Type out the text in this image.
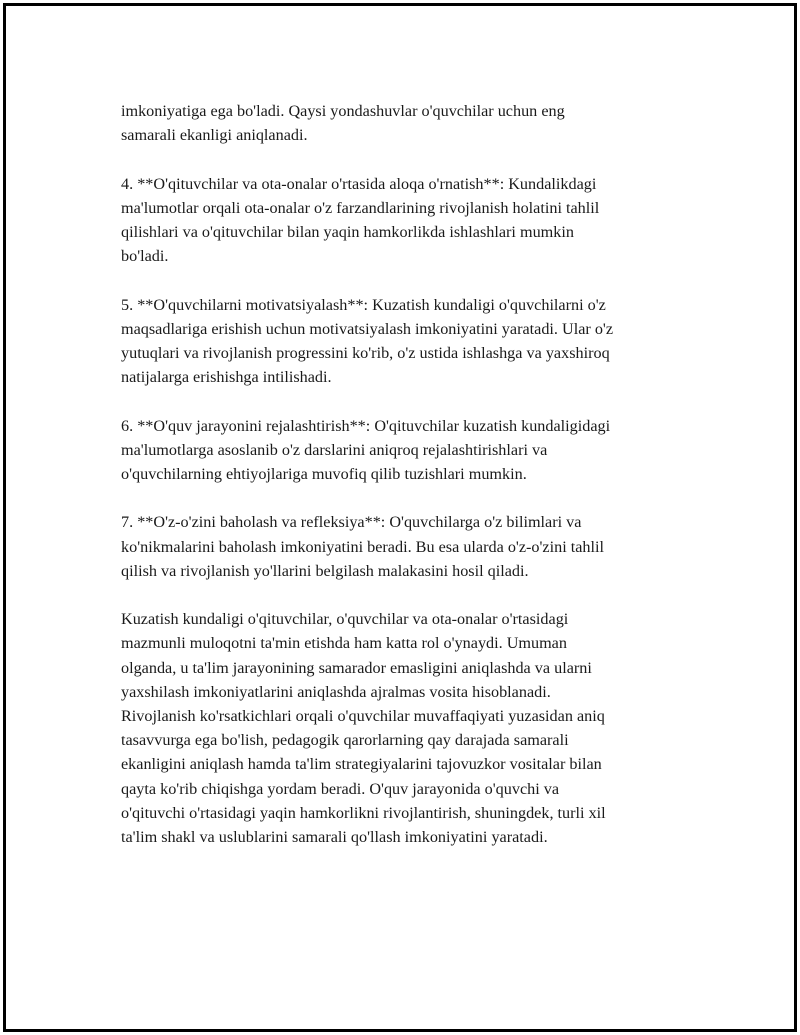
imkoniyatiga ega bo'ladi. Qaysi yondashuvlar o'quvchilar uchun eng
samarali ekanligi aniqlanadi.

4. **O'qituvchilar va ota-onalar o'rtasida aloqa o'rnatish**: Kundalikdagi
ma'lumotlar orqali ota-onalar o'z farzandlarining rivojlanish holatini tahlil
qilishlari va o'qituvchilar bilan yaqin hamkorlikda ishlashlari mumkin
bo'ladi.

5. **O'quvchilarni motivatsiyalash**: Kuzatish kundaligi o'quvchilarni o'z
maqsadlariga erishish uchun motivatsiyalash imkoniyatini yaratadi. Ular o'z
yutuqlari va rivojlanish progressini ko'rib, o'z ustida ishlashga va yaxshiroq
natijalarga erishishga intilishadi.

6. **O'quv jarayonini rejalashtirish**: O'qituvchilar kuzatish kundaligidagi
ma'lumotlarga asoslanib o'z darslarini aniqroq rejalashtirishlari va
o'quvchilarning ehtiyojlariga muvofiq qilib tuzishlari mumkin.

7. **O'z-o'zini baholash va refleksiya**: O'quvchilarga o'z bilimlari va
ko'nikmalarini baholash imkoniyatini beradi. Bu esa ularda o'z-o'zini tahlil
qilish va rivojlanish yo'llarini belgilash malakasini hosil qiladi.

Kuzatish kundaligi o'qituvchilar, o'quvchilar va ota-onalar o'rtasidagi
mazmunli muloqotni ta'min etishda ham katta rol o'ynaydi. Umuman
olganda, u ta'lim jarayonining samarador emasligini aniqlashda va ularni
yaxshilash imkoniyatlarini aniqlashda ajralmas vosita hisoblanadi.
Rivojlanish ko'rsatkichlari orqali o'quvchilar muvaffaqiyati yuzasidan aniq
tasavvurga ega bo'lish, pedagogik qarorlarning qay darajada samarali
ekanligini aniqlash hamda ta'lim strategiyalarini tajovuzkor vositalar bilan
qayta ko'rib chiqishga yordam beradi. O'quv jarayonida o'quvchi va
o'qituvchi o'rtasidagi yaqin hamkorlikni rivojlantirish, shuningdek, turli xil
ta'lim shakl va uslublarini samarali qo'llash imkoniyatini yaratadi.
